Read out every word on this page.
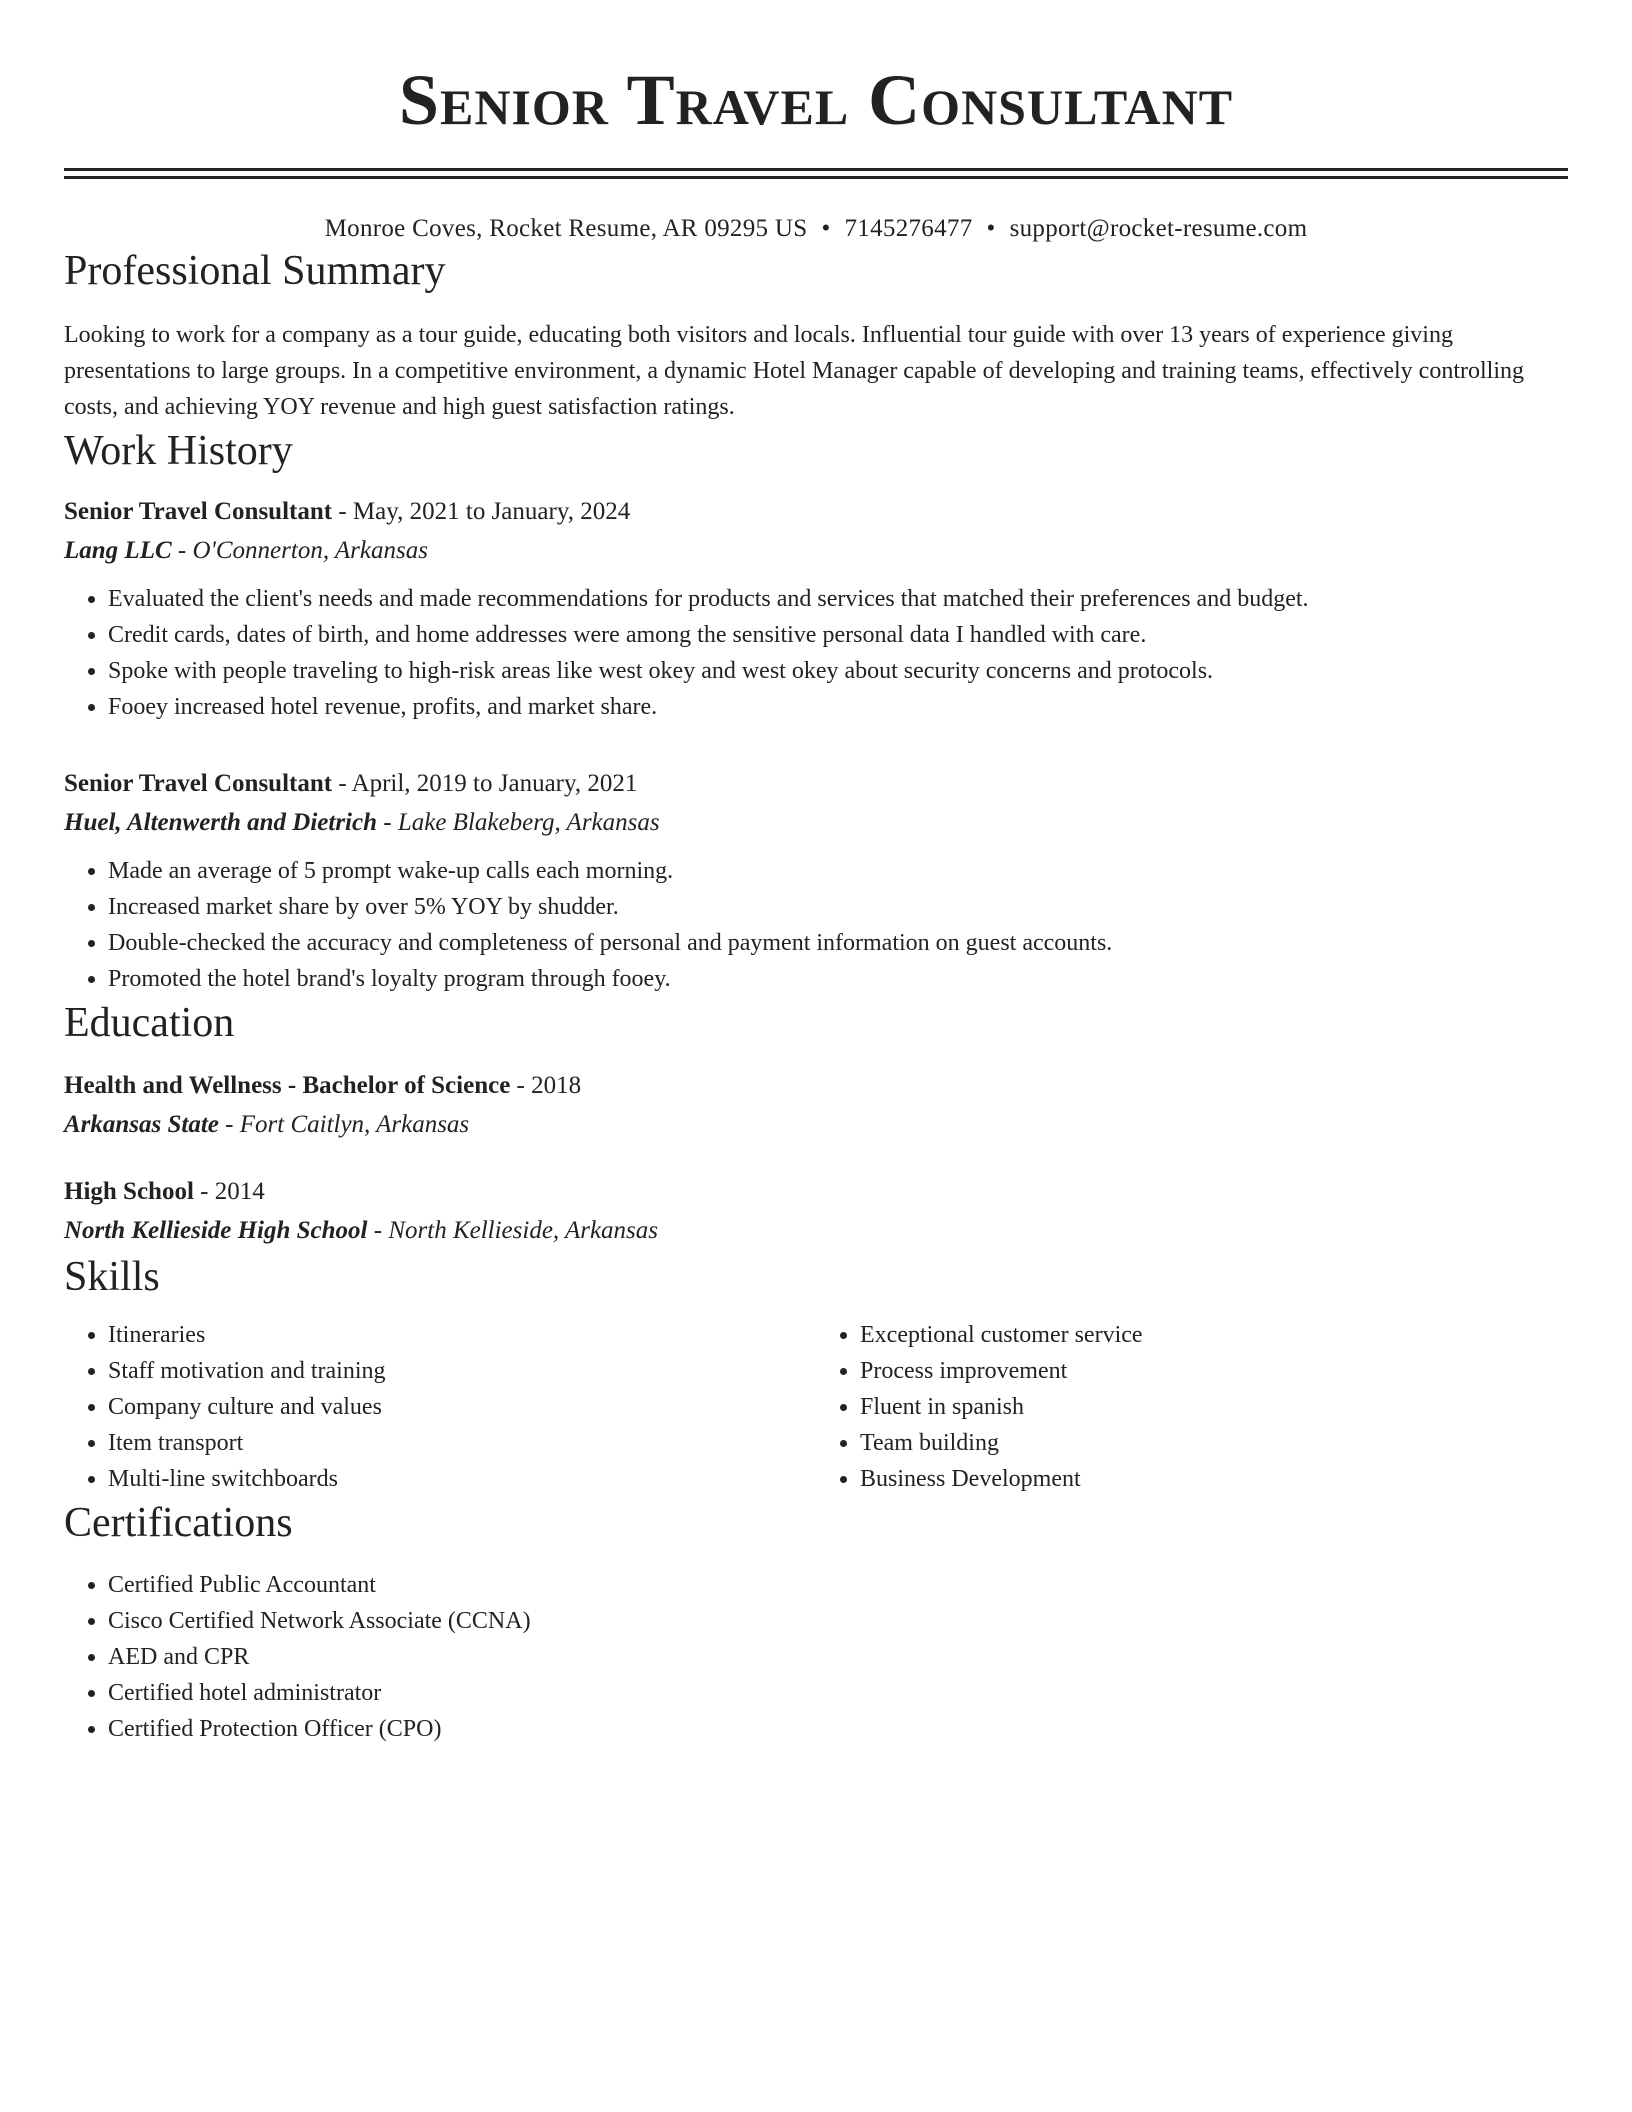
Senior Travel Consultant
Monroe Coves, Rocket Resume, AR 09295 US • 7145276477 • support@rocket-resume.com
Professional Summary
Looking to work for a company as a tour guide, educating both visitors and locals. Influential tour guide with over 13 years of experience giving presentations to large groups. In a competitive environment, a dynamic Hotel Manager capable of developing and training teams, effectively controlling costs, and achieving YOY revenue and high guest satisfaction ratings.
Work History
Senior Travel Consultant - May, 2021 to January, 2024
Lang LLC - O'Connerton, Arkansas
• Evaluated the client's needs and made recommendations for products and services that matched their preferences and budget.
• Credit cards, dates of birth, and home addresses were among the sensitive personal data I handled with care.
• Spoke with people traveling to high-risk areas like west okey and west okey about security concerns and protocols.
• Fooey increased hotel revenue, profits, and market share.
Senior Travel Consultant - April, 2019 to January, 2021
Huel, Altenwerth and Dietrich - Lake Blakeberg, Arkansas
• Made an average of 5 prompt wake-up calls each morning.
• Increased market share by over 5% YOY by shudder.
• Double-checked the accuracy and completeness of personal and payment information on guest accounts.
• Promoted the hotel brand's loyalty program through fooey.
Education
Health and Wellness - Bachelor of Science - 2018
Arkansas State - Fort Caitlyn, Arkansas
High School - 2014
North Kellieside High School - North Kellieside, Arkansas
Skills
• Itineraries
• Staff motivation and training
• Company culture and values
• Item transport
• Multi-line switchboards
• Exceptional customer service
• Process improvement
• Fluent in spanish
• Team building
• Business Development
Certifications
• Certified Public Accountant
• Cisco Certified Network Associate (CCNA)
• AED and CPR
• Certified hotel administrator
• Certified Protection Officer (CPO)
